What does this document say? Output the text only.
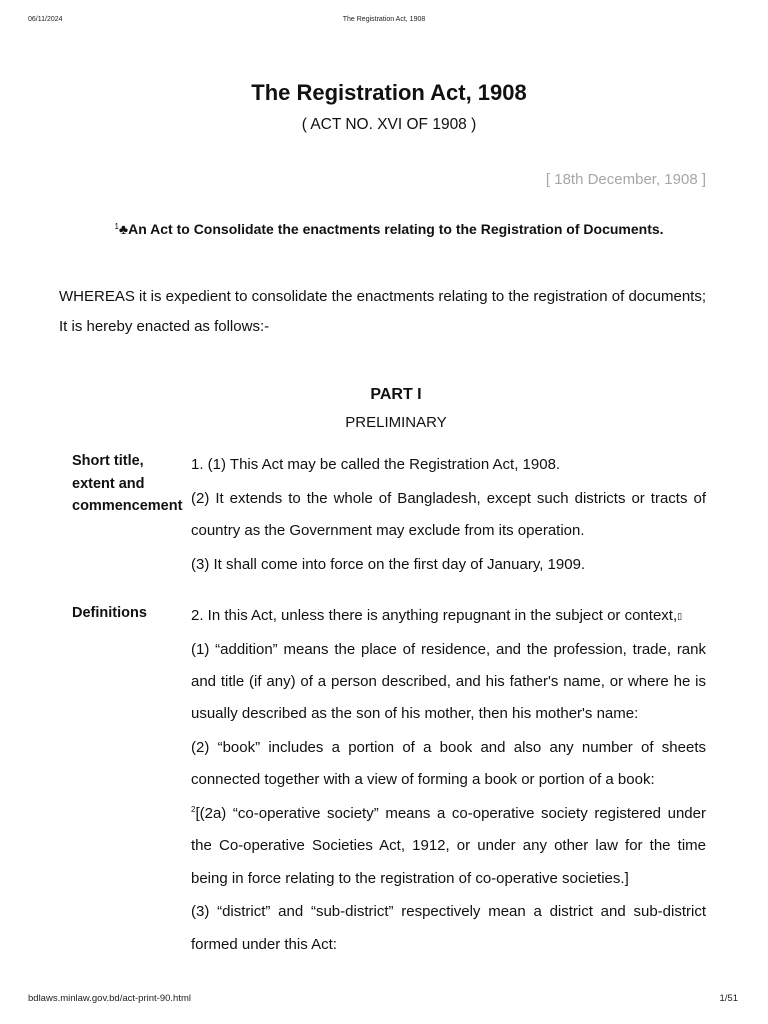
06/11/2024	The Registration Act, 1908
The Registration Act, 1908
( ACT NO. XVI OF 1908 )
[ 18th December, 1908 ]
$^1$♣An Act to Consolidate the enactments relating to the Registration of Documents.
WHEREAS it is expedient to consolidate the enactments relating to the registration of documents;
It is hereby enacted as follows:-
PART I
PRELIMINARY
Short title, extent and commencement

1. (1) This Act may be called the Registration Act, 1908.

(2) It extends to the whole of Bangladesh, except such districts or tracts of country as the Government may exclude from its operation.

(3) It shall come into force on the first day of January, 1909.

Definitions	2. In this Act, unless there is anything repugnant in the subject or context,▯

(1) “addition” means the place of residence, and the profession, trade, rank and title (if any) of a person described, and his father's name, or where he is usually described as the son of his mother, then his mother's name:

(2) “book” includes a portion of a book and also any number of sheets connected together with a view of forming a book or portion of a book:

$^2$[(2a) “co-operative society” means a co-operative society registered under the Co-operative Societies Act, 1912, or under any other law for the time being in force relating to the registration of co-operative societies.]

(3) “district” and “sub-district” respectively mean a district and sub-district formed under this Act:

bdlaws.minlaw.gov.bd/act-print-90.html	1/51
